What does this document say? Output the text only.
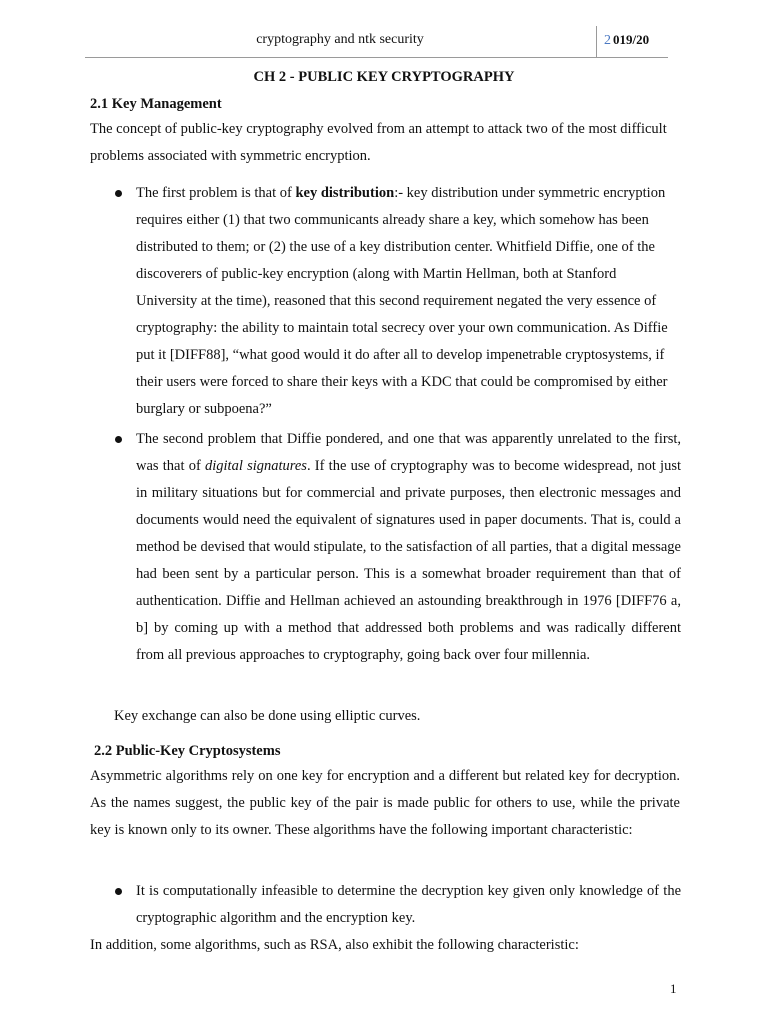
cryptography and ntk security	2 019/20
CH 2 - PUBLIC KEY CRYPTOGRAPHY
2.1 Key Management

The concept of public-key cryptography evolved from an attempt to attack two of the most difficult problems associated with symmetric encryption.

The first problem is that of key distribution:- key distribution under symmetric encryption requires either (1) that two communicants already share a key, which somehow has been distributed to them; or (2) the use of a key distribution center. Whitfield Diffie, one of the discoverers of public-key encryption (along with Martin Hellman, both at Stanford University at the time), reasoned that this second requirement negated the very essence of cryptography: the ability to maintain total secrecy over your own communication. As Diffie put it [DIFF88], “what good would it do after all to develop impenetrable cryptosystems, if their users were forced to share their keys with a KDC that could be compromised by either burglary or subpoena?”

The second problem that Diffie pondered, and one that was apparently unrelated to the first, was that of digital signatures. If the use of cryptography was to become widespread, not just in military situations but for commercial and private purposes, then electronic messages and documents would need the equivalent of signatures used in paper documents. That is, could a method be devised that would stipulate, to the satisfaction of all parties, that a digital message had been sent by a particular person. This is a somewhat broader requirement than that of authentication. Diffie and Hellman achieved an astounding breakthrough in 1976 [DIFF76 a, b] by coming up with a method that addressed both problems and was radically different from all previous approaches to cryptography, going back over four millennia.

Key exchange can also be done using elliptic curves.

2.2 Public-Key Cryptosystems

Asymmetric algorithms rely on one key for encryption and a different but related key for decryption. As the names suggest, the public key of the pair is made public for others to use, while the private key is known only to its owner. These algorithms have the following important characteristic:

It is computationally infeasible to determine the decryption key given only knowledge of the cryptographic algorithm and the encryption key.

In addition, some algorithms, such as RSA, also exhibit the following characteristic:

1
